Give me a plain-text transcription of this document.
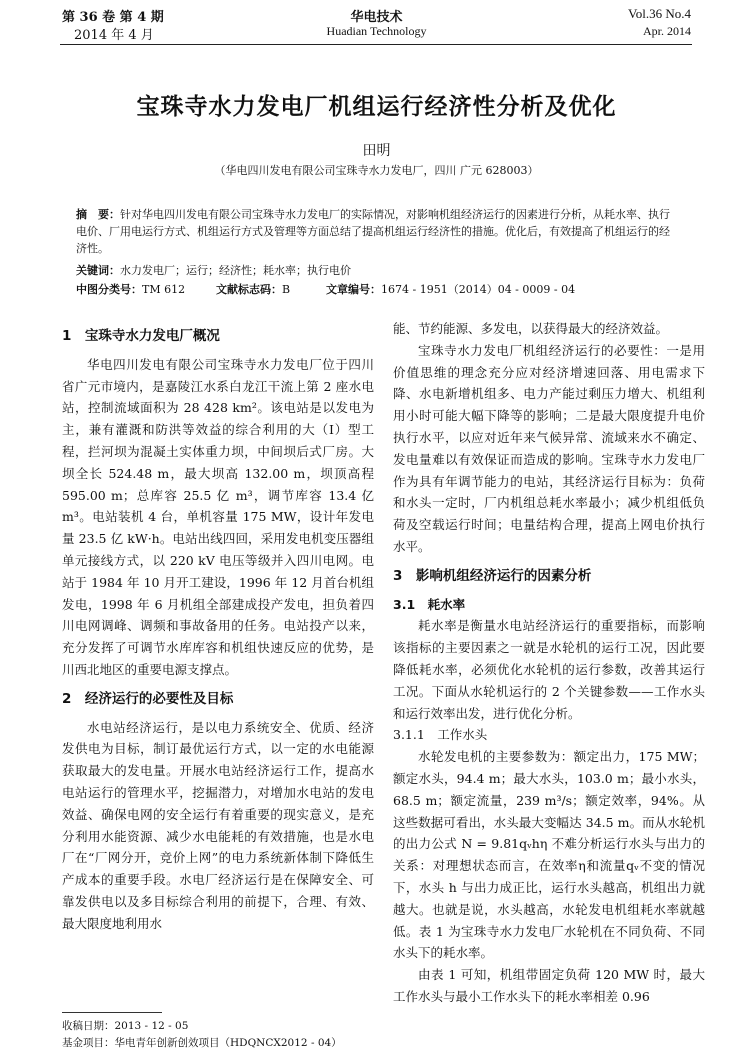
第 36 卷 第 4 期
2014 年 4 月
华电技术
Huadian Technology
Vol.36 No.4
Apr. 2014
宝珠寺水力发电厂机组运行经济性分析及优化
田明
（华电四川发电有限公司宝珠寺水力发电厂，四川 广元 628003）
摘　要：针对华电四川发电有限公司宝珠寺水力发电厂的实际情况，对影响机组经济运行的因素进行分析，从耗水率、执行电价、厂用电运行方式、机组运行方式及管理等方面总结了提高机组运行经济性的措施。优化后，有效提高了机组运行的经济性。
关键词：水力发电厂；运行；经济性；耗水率；执行电价
中图分类号：TM 612	文献标志码：B	文章编号：1674 - 1951（2014）04 - 0009 - 04
1　宝珠寺水力发电厂概况

华电四川发电有限公司宝珠寺水力发电厂位于四川省广元市境内，是嘉陵江水系白龙江干流上第 2 座水电站，控制流域面积为 28 428 km²。该电站是以发电为主，兼有灌溉和防洪等效益的综合利用的大（Ⅰ）型工程，拦河坝为混凝土实体重力坝，中间坝后式厂房。大坝全长 524.48 m，最大坝高 132.00 m，坝顶高程 595.00 m；总库容 25.5 亿 m³，调节库容 13.4 亿 m³。电站装机 4 台，单机容量 175 MW，设计年发电量 23.5 亿 kW·h。电站出线四回，采用发电机变压器组单元接线方式，以 220 kV 电压等级并入四川电网。电站于 1984 年 10 月开工建设，1996 年 12 月首台机组发电，1998 年 6 月机组全部建成投产发电，担负着四川电网调峰、调频和事故备用的任务。电站投产以来，充分发挥了可调节水库库容和机组快速反应的优势，是川西北地区的重要电源支撑点。

2　经济运行的必要性及目标

水电站经济运行，是以电力系统安全、优质、经济发供电为目标，制订最优运行方式，以一定的水电能源获取最大的发电量。开展水电站经济运行工作，提高水电站运行的管理水平，挖掘潜力，对增加水电站的发电效益、确保电网的安全运行有着重要的现实意义，是充分利用水能资源、减少水电能耗的有效措施，也是水电厂在“厂网分开，竞价上网”的电力系统新体制下降低生产成本的重要手段。水电厂经济运行是在保障安全、可靠发供电以及多目标综合利用的前提下，合理、有效、最大限度地利用水

能、节约能源、多发电，以获得最大的经济效益。

宝珠寺水力发电厂机组经济运行的必要性：一是用价值思维的理念充分应对经济增速回落、用电需求下降、水电新增机组多、电力产能过剩压力增大、机组利用小时可能大幅下降等的影响；二是最大限度提升电价执行水平，以应对近年来气候异常、流域来水不确定、发电量难以有效保证而造成的影响。宝珠寺水力发电厂作为具有年调节能力的电站，其经济运行目标为：负荷和水头一定时，厂内机组总耗水率最小；减少机组低负荷及空载运行时间；电量结构合理，提高上网电价执行水平。

3　影响机组经济运行的因素分析
3.1　耗水率

耗水率是衡量水电站经济运行的重要指标，而影响该指标的主要因素之一就是水轮机的运行工况，因此要降低耗水率，必须优化水轮机的运行参数，改善其运行工况。下面从水轮机运行的 2 个关键参数——工作水头和运行效率出发，进行优化分析。

3.1.1　工作水头

水轮发电机的主要参数为：额定出力，175 MW；额定水头，94.4 m；最大水头，103.0 m；最小水头，68.5 m；额定流量，239 m³/s；额定效率，94%。从这些数据可看出，水头最大变幅达 34.5 m。而从水轮机的出力公式 N = 9.81qᵥhη 不难分析运行水头与出力的关系：对理想状态而言，在效率η和流量qᵥ不变的情况下，水头 h 与出力成正比，运行水头越高，机组出力就越大。也就是说，水头越高，水轮发电机组耗水率就越低。表 1 为宝珠寺水力发电厂水轮机在不同负荷、不同水头下的耗水率。

由表 1 可知，机组带固定负荷 120 MW 时，最大工作水头与最小工作水头下的耗水率相差 0.96

收稿日期：2013 - 12 - 05
基金项目：华电青年创新创效项目（HDQNCX2012 - 04）
